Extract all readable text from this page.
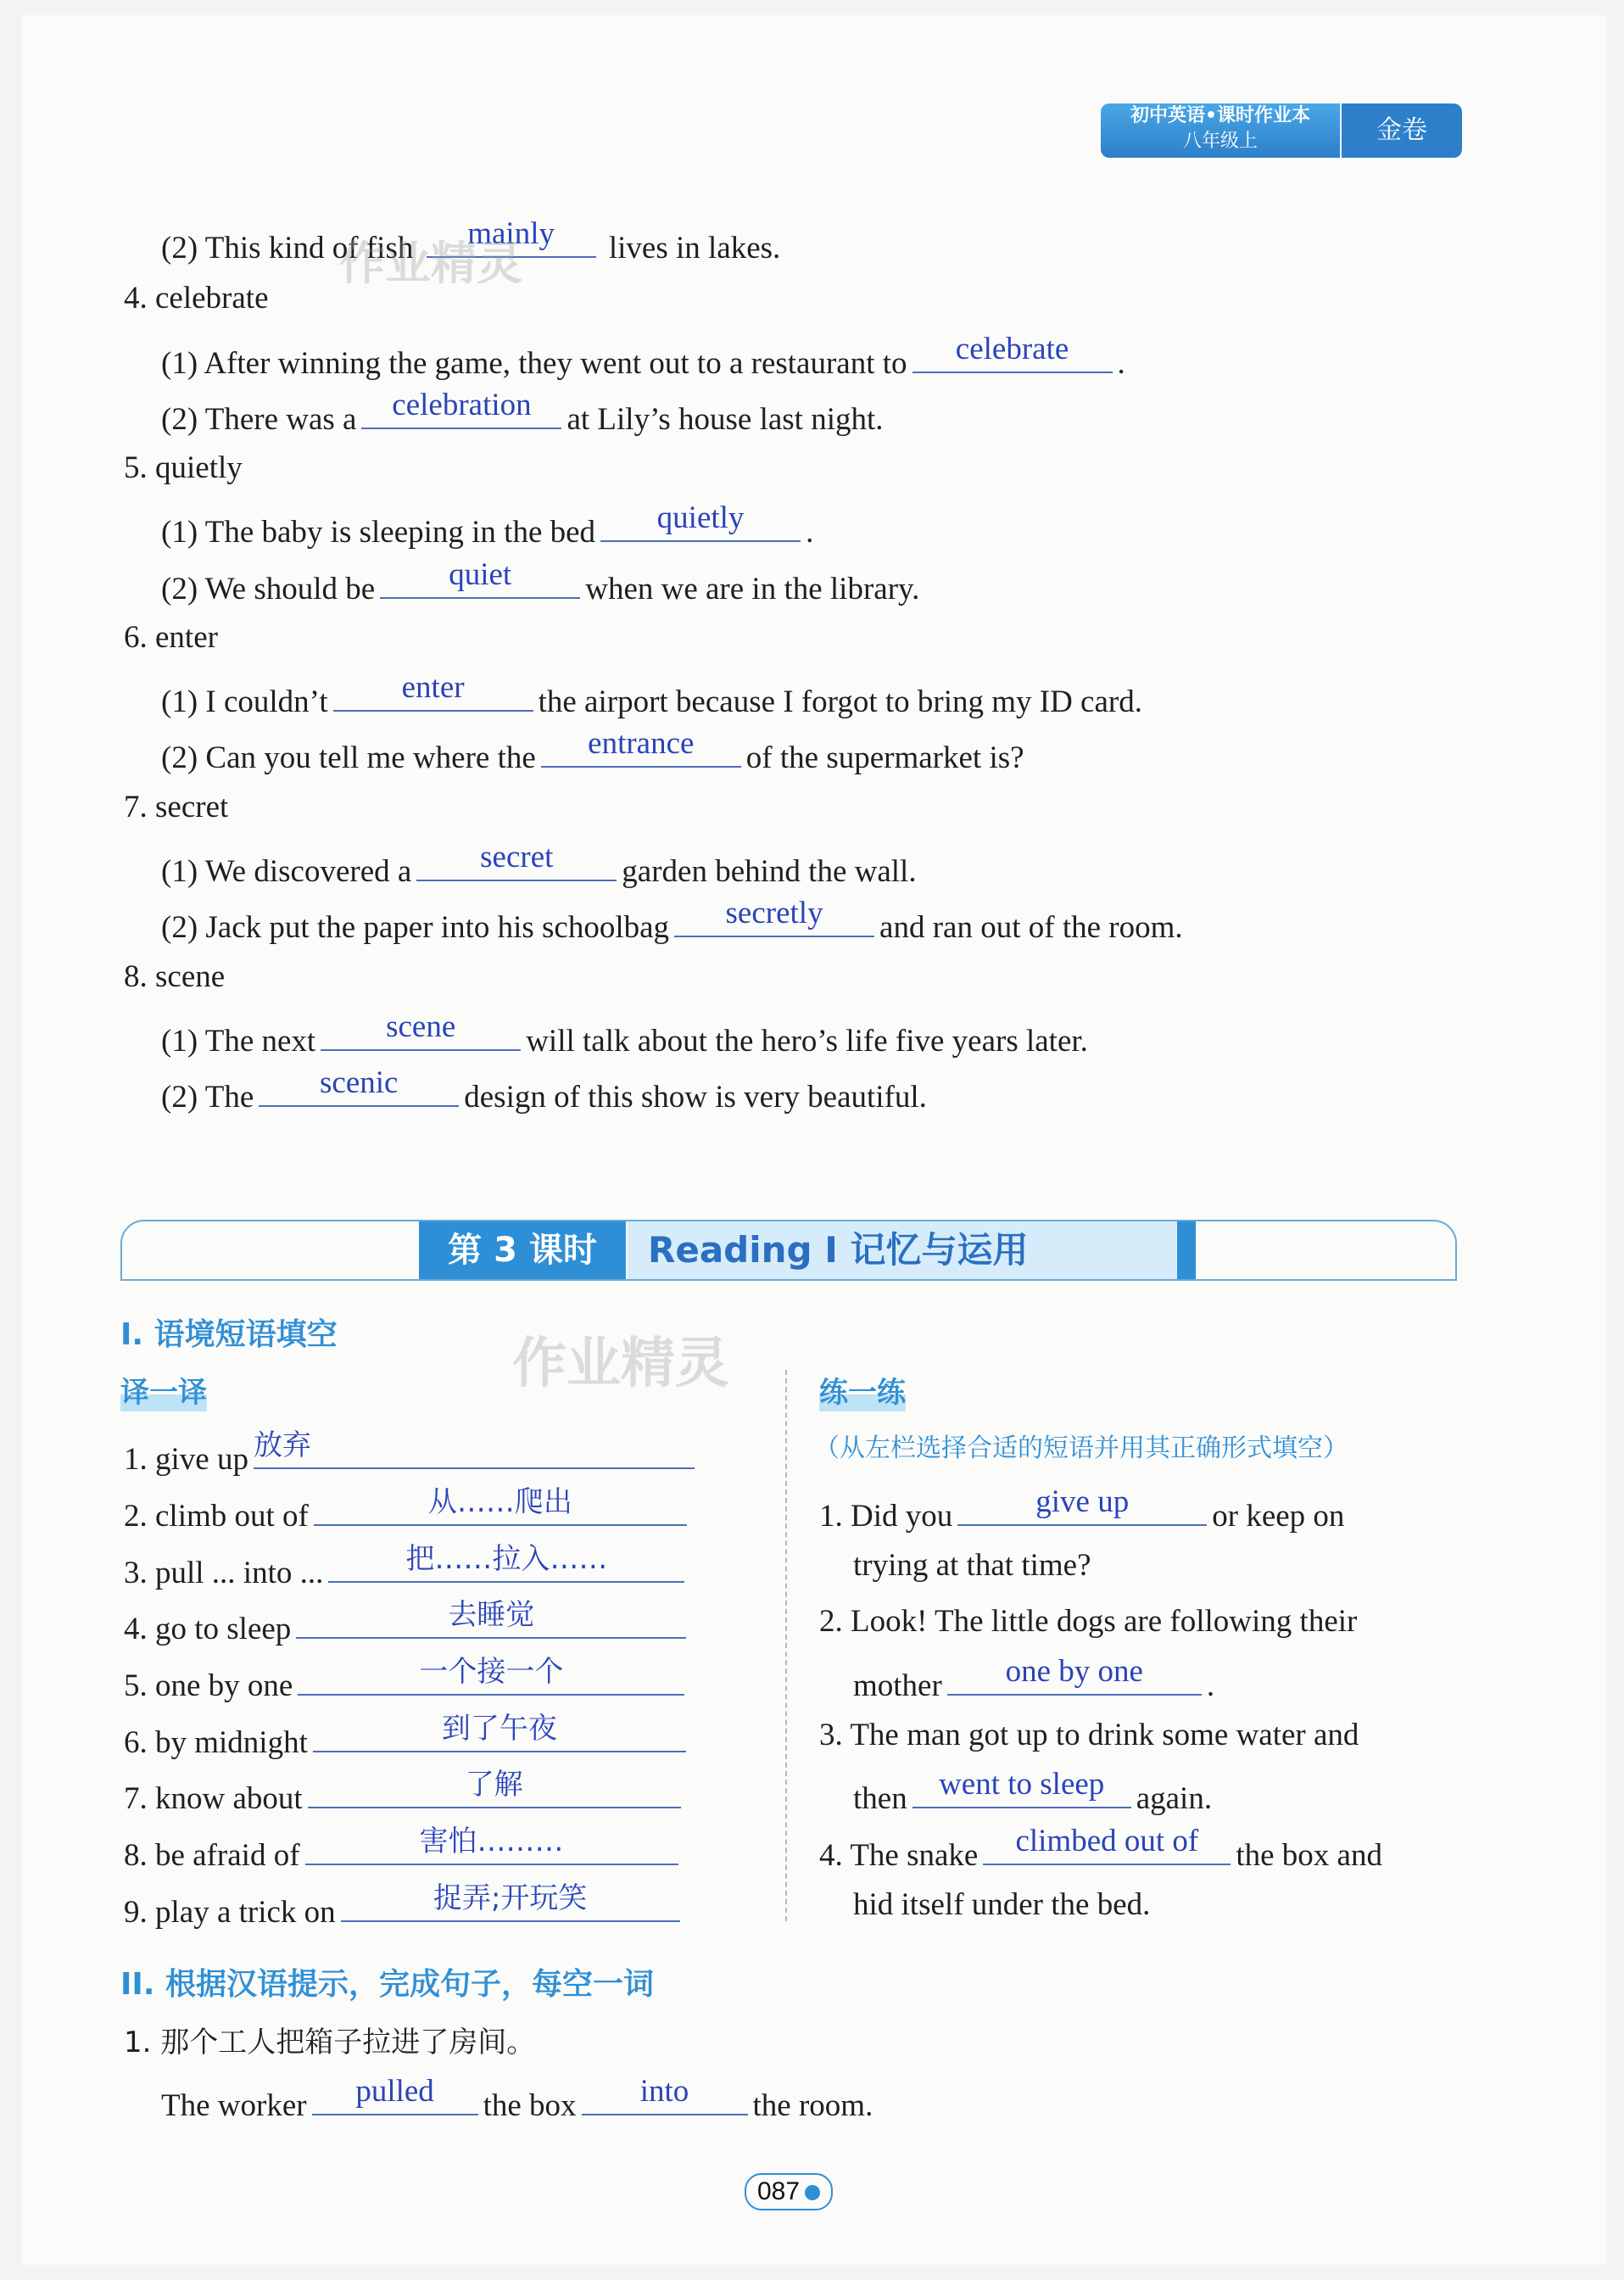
初中英语•课时作业本
八年级上	金卷
(2) This kind of fish	mainly	lives in lakes.
4. celebrate
(1) After winning the game, they went out to a restaurant to	celebrate	.
(2) There was a	celebration	at Lily’s house last night.
5. quietly
(1) The baby is sleeping in the bed	quietly	.
(2) We should be	quiet	when we are in the library.
6. enter
(1) I couldn’t	enter	the airport because I forgot to bring my ID card.
(2) Can you tell me where the	entrance	of the supermarket is?
7. secret
(1) We discovered a	secret	garden behind the wall.
(2) Jack put the paper into his schoolbag	secretly	and ran out of the room.
8. scene
(1) The next	scene	will talk about the hero’s life five years later.
(2) The	scenic	design of this show is very beautiful.
作业精灵
作业精灵
第 3 课时	Reading I 记忆与运用
I. 语境短语填空
译一译	练一练
（从左栏选择合适的短语并用其正确形式填空）
1. give up 放弃
2. climb out of	从……爬出
3. pull ... into ...	把……拉入……
4. go to sleep	去睡觉
5. one by one	一个接一个
6. by midnight	到了午夜
7. know about	了解
8. be afraid of	害怕………
9. play a trick on	捉弄;开玩笑
1. Did you	give up	or keep on
trying at that time?
2. Look! The little dogs are following their
mother	one by one	.
3. The man got up to drink some water and
then	went to sleep	again.
4. The snake	climbed out of	the box and
hid itself under the bed.
II. 根据汉语提示，完成句子，每空一词
1. 那个工人把箱子拉进了房间。
The worker	pulled	the box	into	the room.
087
